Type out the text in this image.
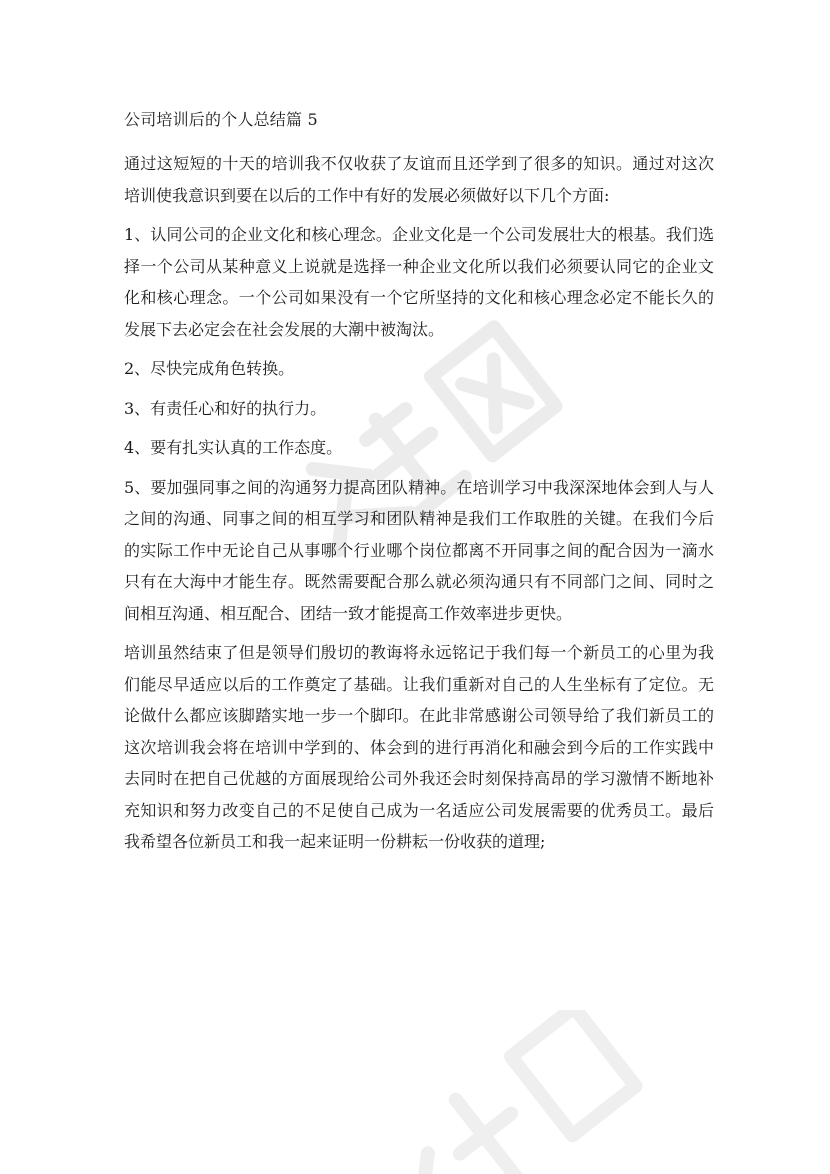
公司培训后的个人总结篇 5

通过这短短的十天的培训我不仅收获了友谊而且还学到了很多的知识。通过对这次培训使我意识到要在以后的工作中有好的发展必须做好以下几个方面:

1、认同公司的企业文化和核心理念。企业文化是一个公司发展壮大的根基。我们选择一个公司从某种意义上说就是选择一种企业文化所以我们必须要认同它的企业文化和核心理念。一个公司如果没有一个它所坚持的文化和核心理念必定不能长久的发展下去必定会在社会发展的大潮中被淘汰。

2、尽快完成角色转换。

3、有责任心和好的执行力。

4、要有扎实认真的工作态度。

5、要加强同事之间的沟通努力提高团队精神。在培训学习中我深深地体会到人与人之间的沟通、同事之间的相互学习和团队精神是我们工作取胜的关键。在我们今后的实际工作中无论自己从事哪个行业哪个岗位都离不开同事之间的配合因为一滴水只有在大海中才能生存。既然需要配合那么就必须沟通只有不同部门之间、同时之间相互沟通、相互配合、团结一致才能提高工作效率进步更快。

培训虽然结束了但是领导们殷切的教诲将永远铭记于我们每一个新员工的心里为我们能尽早适应以后的工作奠定了基础。让我们重新对自己的人生坐标有了定位。无论做什么都应该脚踏实地一步一个脚印。在此非常感谢公司领导给了我们新员工的这次培训我会将在培训中学到的、体会到的进行再消化和融会到今后的工作实践中去同时在把自己优越的方面展现给公司外我还会时刻保持高昂的学习激情不断地补充知识和努力改变自己的不足使自己成为一名适应公司发展需要的优秀员工。最后我希望各位新员工和我一起来证明一份耕耘一份收获的道理;
